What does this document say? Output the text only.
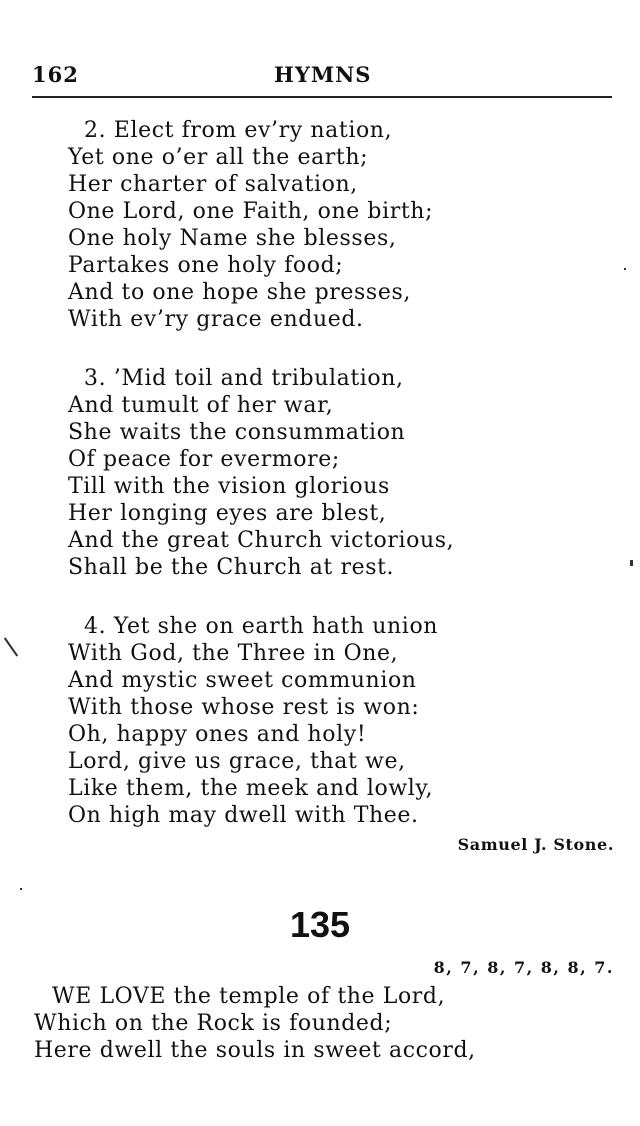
162	HYMNS
2. Elect from ev’ry nation,
Yet one o’er all the earth;
Her charter of salvation,
One Lord, one Faith, one birth;
One holy Name she blesses,
Partakes one holy food;
And to one hope she presses,
With ev’ry grace endued.
3. ’Mid toil and tribulation,
And tumult of her war,
She waits the consummation
Of peace for evermore;
Till with the vision glorious
Her longing eyes are blest,
And the great Church victorious,
Shall be the Church at rest.
4. Yet she on earth hath union
With God, the Three in One,
And mystic sweet communion
With those whose rest is won:
Oh, happy ones and holy!
Lord, give us grace, that we,
Like them, the meek and lowly,
On high may dwell with Thee.
Samuel J. Stone.
135
8, 7, 8, 7, 8, 8, 7.
WE LOVE the temple of the Lord,
Which on the Rock is founded;
Here dwell the souls in sweet accord,
